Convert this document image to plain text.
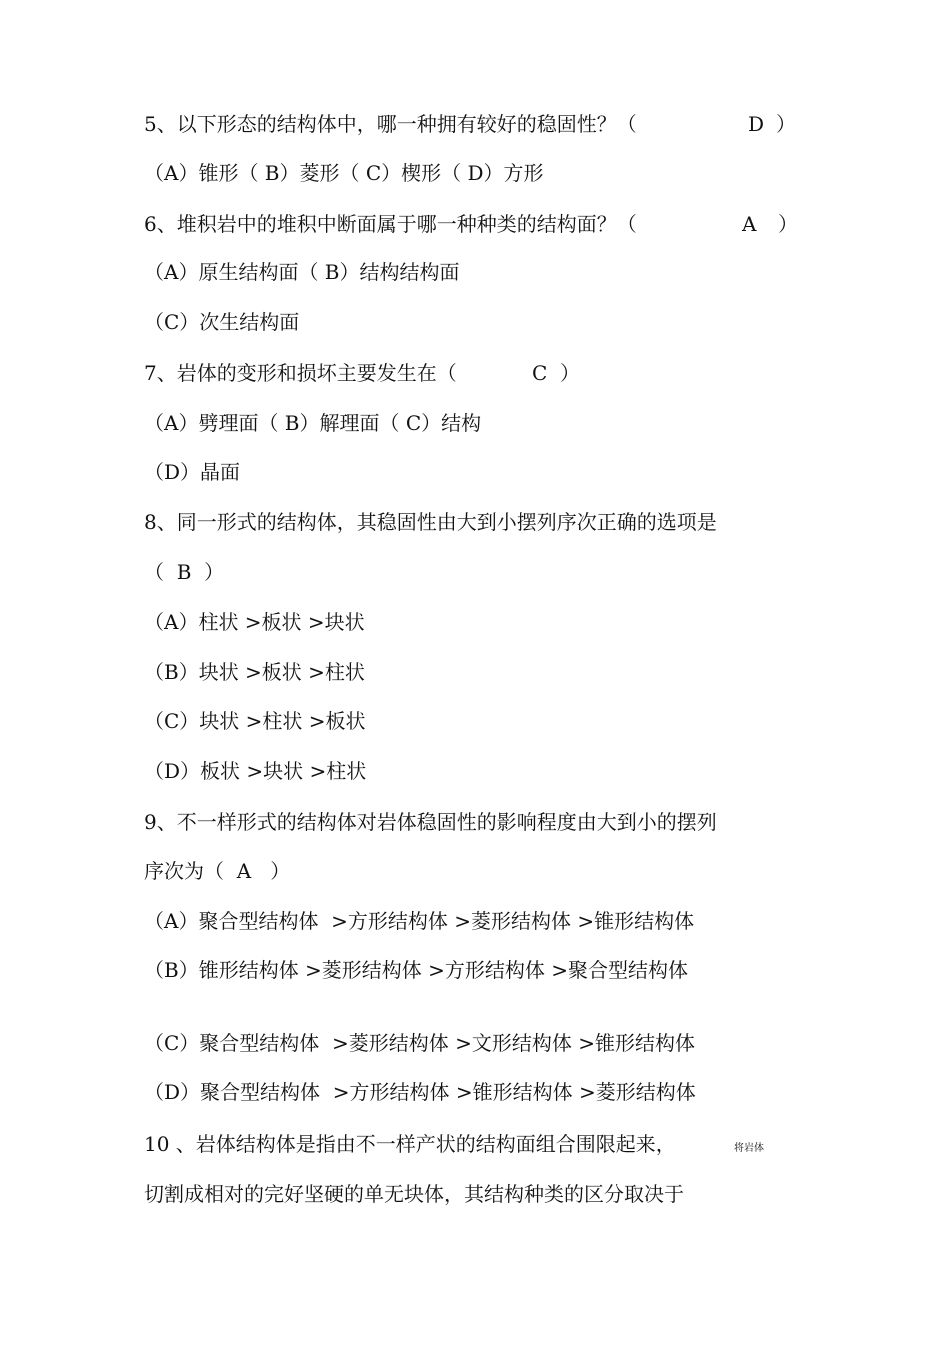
5、以下形态的结构体中，哪一种拥有较好的稳固性？（	D ）
（A）锥形（ B）菱形（ C）楔形（ D）方形
6、堆积岩中的堆积中断面属于哪一种种类的结构面？（	A ）
（A）原生结构面（ B）结构结构面
（C）次生结构面
7、岩体的变形和损坏主要发生在（	C ）
（A）劈理面（ B）解理面（ C）结构
（D）晶面
8、同一形式的结构体，其稳固性由大到小摆列序次正确的选项是
（  B  ）
（A）柱状 >板状 >块状
（B）块状 >板状 >柱状
（C）块状 >柱状 >板状
（D）板状 >块状 >柱状
9、不一样形式的结构体对岩体稳固性的影响程度由大到小的摆列
序次为（  A   ）
（A）聚合型结构体  >方形结构体 >菱形结构体 >锥形结构体
（B）锥形结构体 >菱形结构体 >方形结构体 >聚合型结构体
（C）聚合型结构体  >菱形结构体 >文形结构体 >锥形结构体
（D）聚合型结构体  >方形结构体 >锥形结构体 >菱形结构体
10 、岩体结构体是指由不一样产状的结构面组合围限起来，	将岩体
切割成相对的完好坚硬的单无块体，其结构种类的区分取决于
